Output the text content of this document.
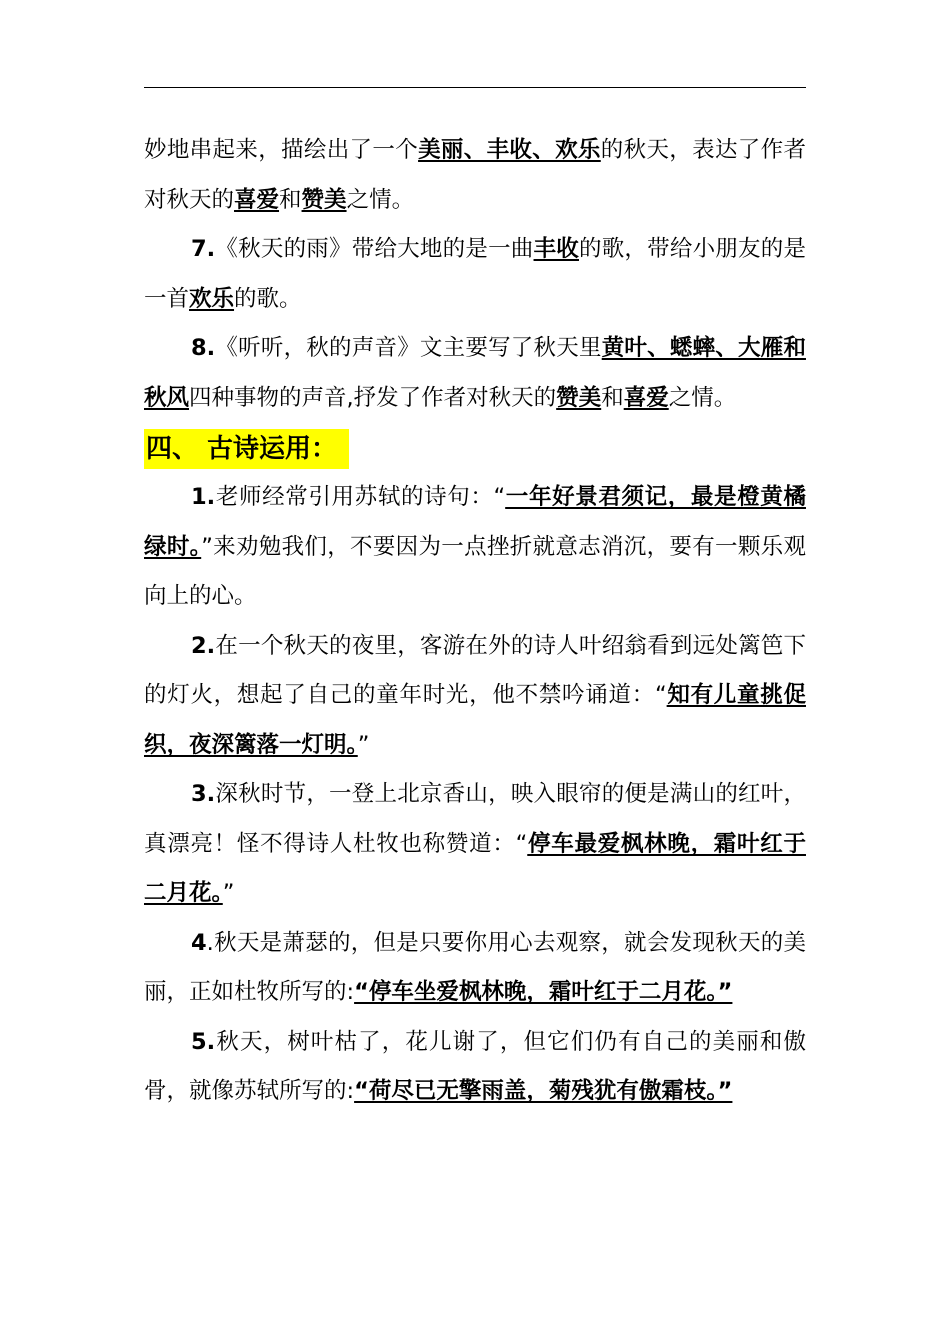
妙地串起来，描绘出了一个美丽、丰收、欢乐的秋天，表达了作者对秋天的喜爱和赞美之情。

7.《秋天的雨》带给大地的是一曲丰收的歌，带给小朋友的是一首欢乐的歌。

8.《听听，秋的声音》文主要写了秋天里黄叶、蟋蟀、大雁和秋风四种事物的声音,抒发了作者对秋天的赞美和喜爱之情。

四、 古诗运用：

1.老师经常引用苏轼的诗句：“一年好景君须记，最是橙黄橘绿时。”来劝勉我们，不要因为一点挫折就意志消沉，要有一颗乐观向上的心。

2.在一个秋天的夜里，客游在外的诗人叶绍翁看到远处篱笆下的灯火，想起了自己的童年时光，他不禁吟诵道：“知有儿童挑促织，夜深篱落一灯明。”

3.深秋时节，一登上北京香山，映入眼帘的便是满山的红叶，真漂亮！怪不得诗人杜牧也称赞道：“停车最爱枫林晚，霜叶红于二月花。”

4.秋天是萧瑟的，但是只要你用心去观察，就会发现秋天的美丽，正如杜牧所写的:“停车坐爱枫林晚，霜叶红于二月花。”

5.秋天，树叶枯了，花儿谢了，但它们仍有自己的美丽和傲骨，就像苏轼所写的:“荷尽已无擎雨盖，菊残犹有傲霜枝。”
